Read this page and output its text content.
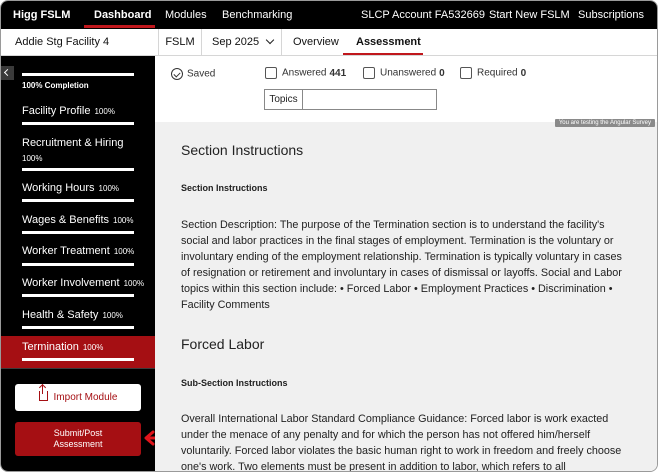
Higg FSLM Dashboard Modules Benchmarking	SLCP Account FA532669 Start New FSLM Subscriptions
Addie Stg Facility 4	FSLM	Sep 2025	Overview Assessment
100% Completion
Facility Profile 100%
Recruitment & Hiring
100%
Working Hours 100%
Wages & Benefits 100%
Worker Treatment 100%
Worker Involvement 100%
Health & Safety 100%
Termination 100%
Import Module
Submit/Post
Assessment
Saved	Answered 441	Unanswered 0	Required 0
Topics
You are testing the Angular Survey
Section Instructions
Section Instructions
Section Description: The purpose of the Termination section is to understand the facility's social and labor practices in the final stages of employment. Termination is the voluntary or involuntary ending of the employment relationship. Termination is typically voluntary in cases of resignation or retirement and involuntary in cases of dismissal or layoffs. Social and Labor topics within this section include: • Forced Labor • Employment Practices • Discrimination • Facility Comments
Forced Labor
Sub-Section Instructions
Overall International Labor Standard Compliance Guidance: Forced labor is work exacted under the menace of any penalty and for which the person has not offered him/herself voluntarily. Forced labor violates the basic human right to work in freedom and freely choose one's work. Two elements must be present in addition to labor, which refers to all
